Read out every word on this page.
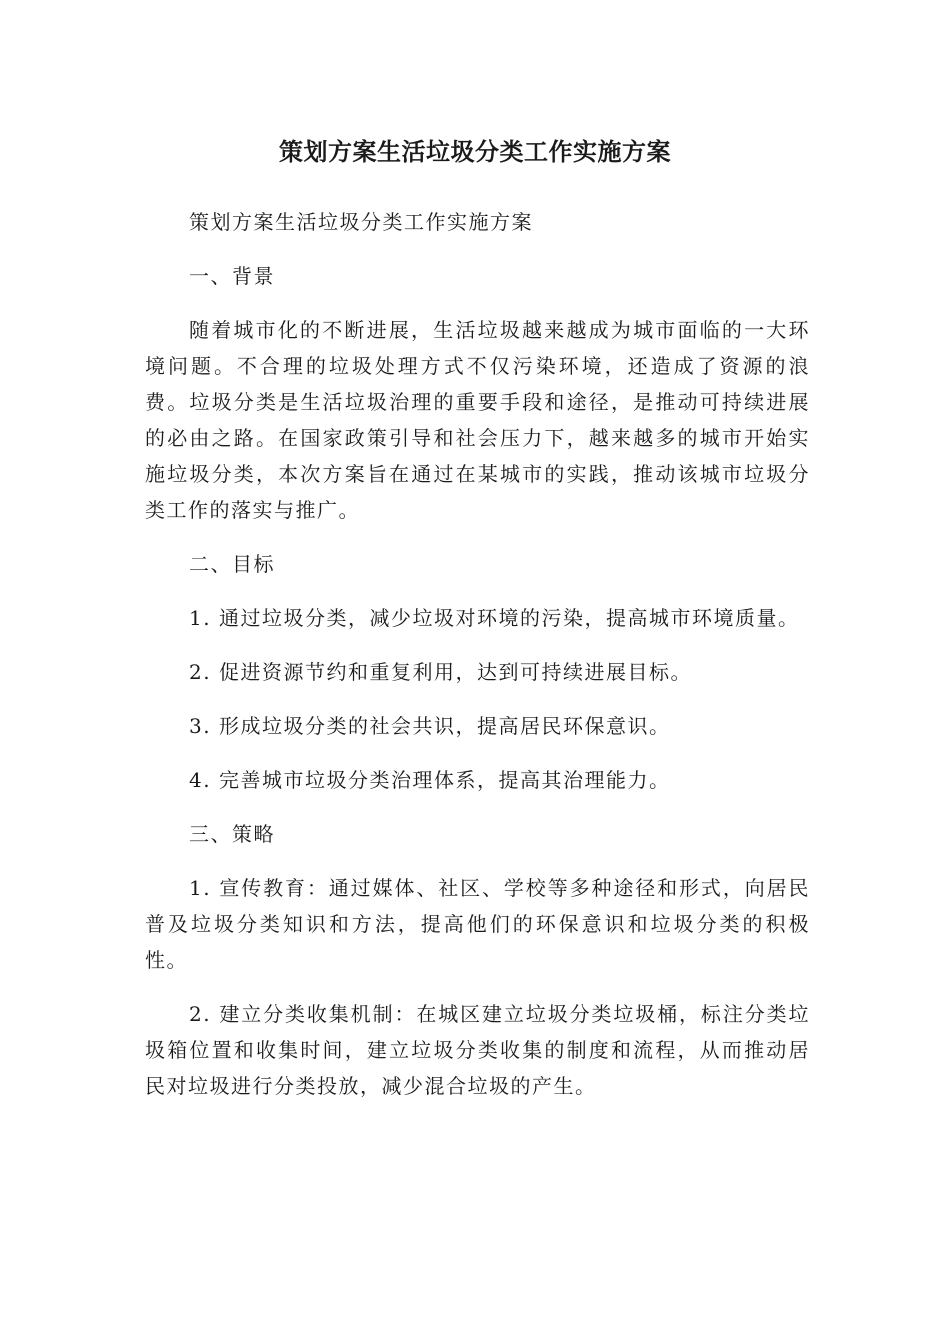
策划方案生活垃圾分类工作实施方案

策划方案生活垃圾分类工作实施方案

一、背景

随着城市化的不断进展，生活垃圾越来越成为城市面临的一大环境问题。不合理的垃圾处理方式不仅污染环境，还造成了资源的浪费。垃圾分类是生活垃圾治理的重要手段和途径，是推动可持续进展的必由之路。在国家政策引导和社会压力下，越来越多的城市开始实施垃圾分类，本次方案旨在通过在某城市的实践，推动该城市垃圾分类工作的落实与推广。

二、目标

1. 通过垃圾分类，减少垃圾对环境的污染，提高城市环境质量。

2. 促进资源节约和重复利用，达到可持续进展目标。

3. 形成垃圾分类的社会共识，提高居民环保意识。

4. 完善城市垃圾分类治理体系，提高其治理能力。

三、策略

1. 宣传教育：通过媒体、社区、学校等多种途径和形式，向居民普及垃圾分类知识和方法，提高他们的环保意识和垃圾分类的积极性。

2. 建立分类收集机制：在城区建立垃圾分类垃圾桶，标注分类垃圾箱位置和收集时间，建立垃圾分类收集的制度和流程，从而推动居民对垃圾进行分类投放，减少混合垃圾的产生。
